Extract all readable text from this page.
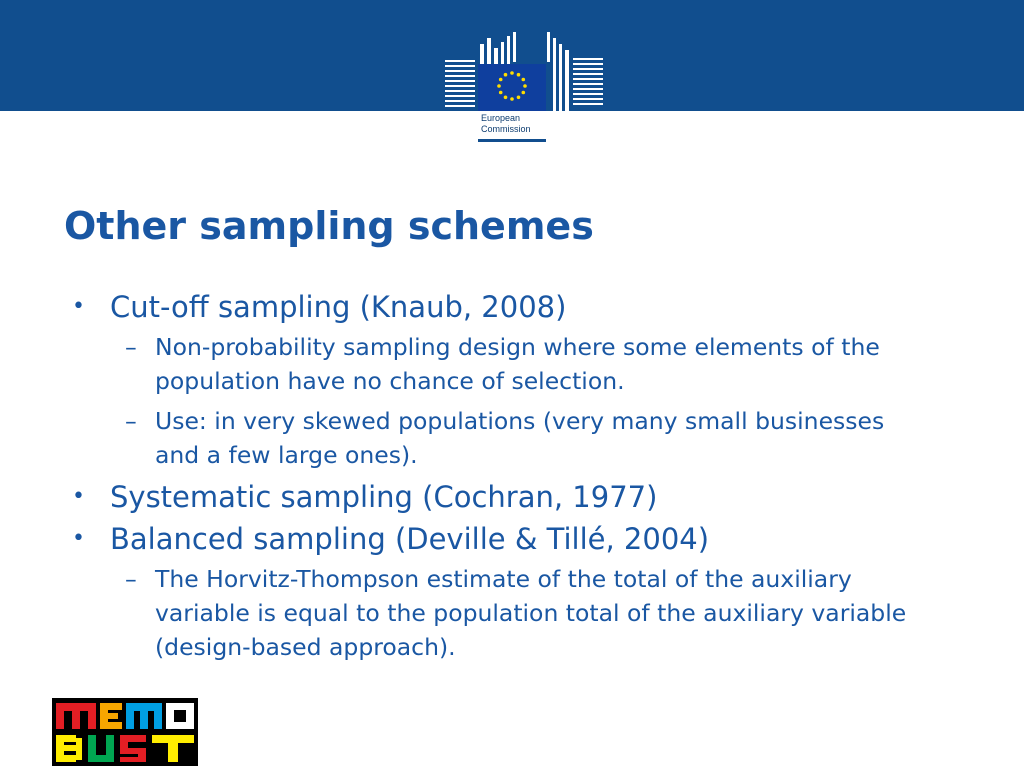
European
Commission
Other sampling schemes
• Cut-off sampling (Knaub, 2008)
– Non-probability sampling design where some elements of the population have no chance of selection.
– Use: in very skewed populations (very many small businesses and a few large ones).
• Systematic sampling (Cochran, 1977)
• Balanced sampling (Deville & Tillé, 2004)
– The Horvitz-Thompson estimate of the total of the auxiliary variable is equal to the population total of the auxiliary variable (design-based approach).
